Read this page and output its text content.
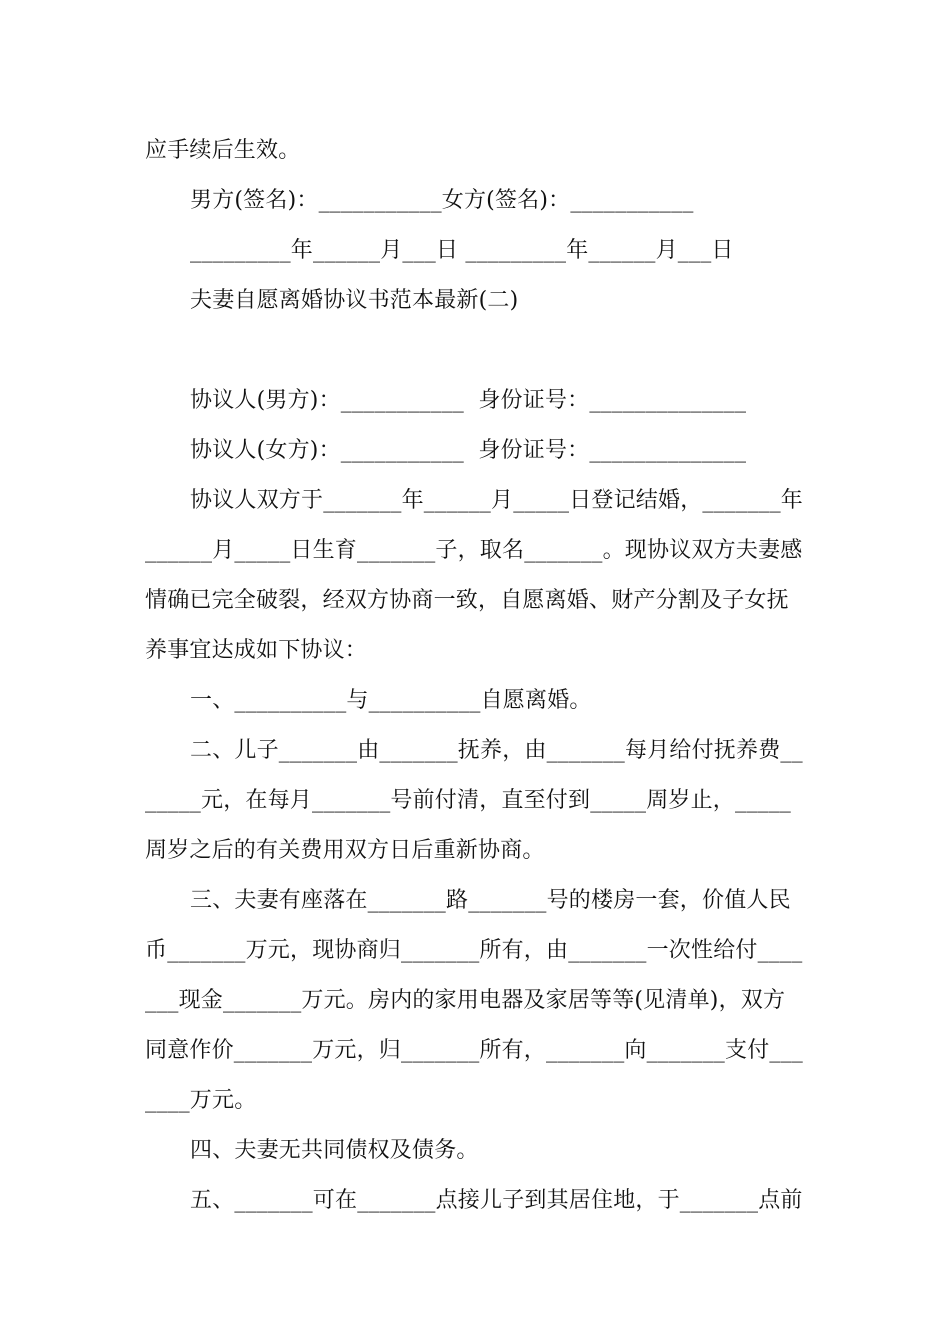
应手续后生效。
男方(签名)：___________女方(签名)：___________
_________年______月___日 _________年______月___日
夫妻自愿离婚协议书范本最新(二)
协议人(男方)：___________  身份证号：______________
协议人(女方)：___________  身份证号：______________
协议人双方于_______年______月_____日登记结婚，_______年
______月_____日生育_______子，取名_______。现协议双方夫妻感
情确已完全破裂，经双方协商一致，自愿离婚、财产分割及子女抚
养事宜达成如下协议：
一、__________与__________自愿离婚。
二、儿子_______由_______抚养，由_______每月给付抚养费__
_____元，在每月_______号前付清，直至付到_____周岁止，_____
周岁之后的有关费用双方日后重新协商。
三、夫妻有座落在_______路_______号的楼房一套，价值人民
币_______万元，现协商归_______所有，由_______一次性给付____
___现金_______万元。房内的家用电器及家居等等(见清单)，双方
同意作价_______万元，归_______所有，_______向_______支付___
____万元。
四、夫妻无共同债权及债务。
五、_______可在_______点接儿子到其居住地，于_______点前
